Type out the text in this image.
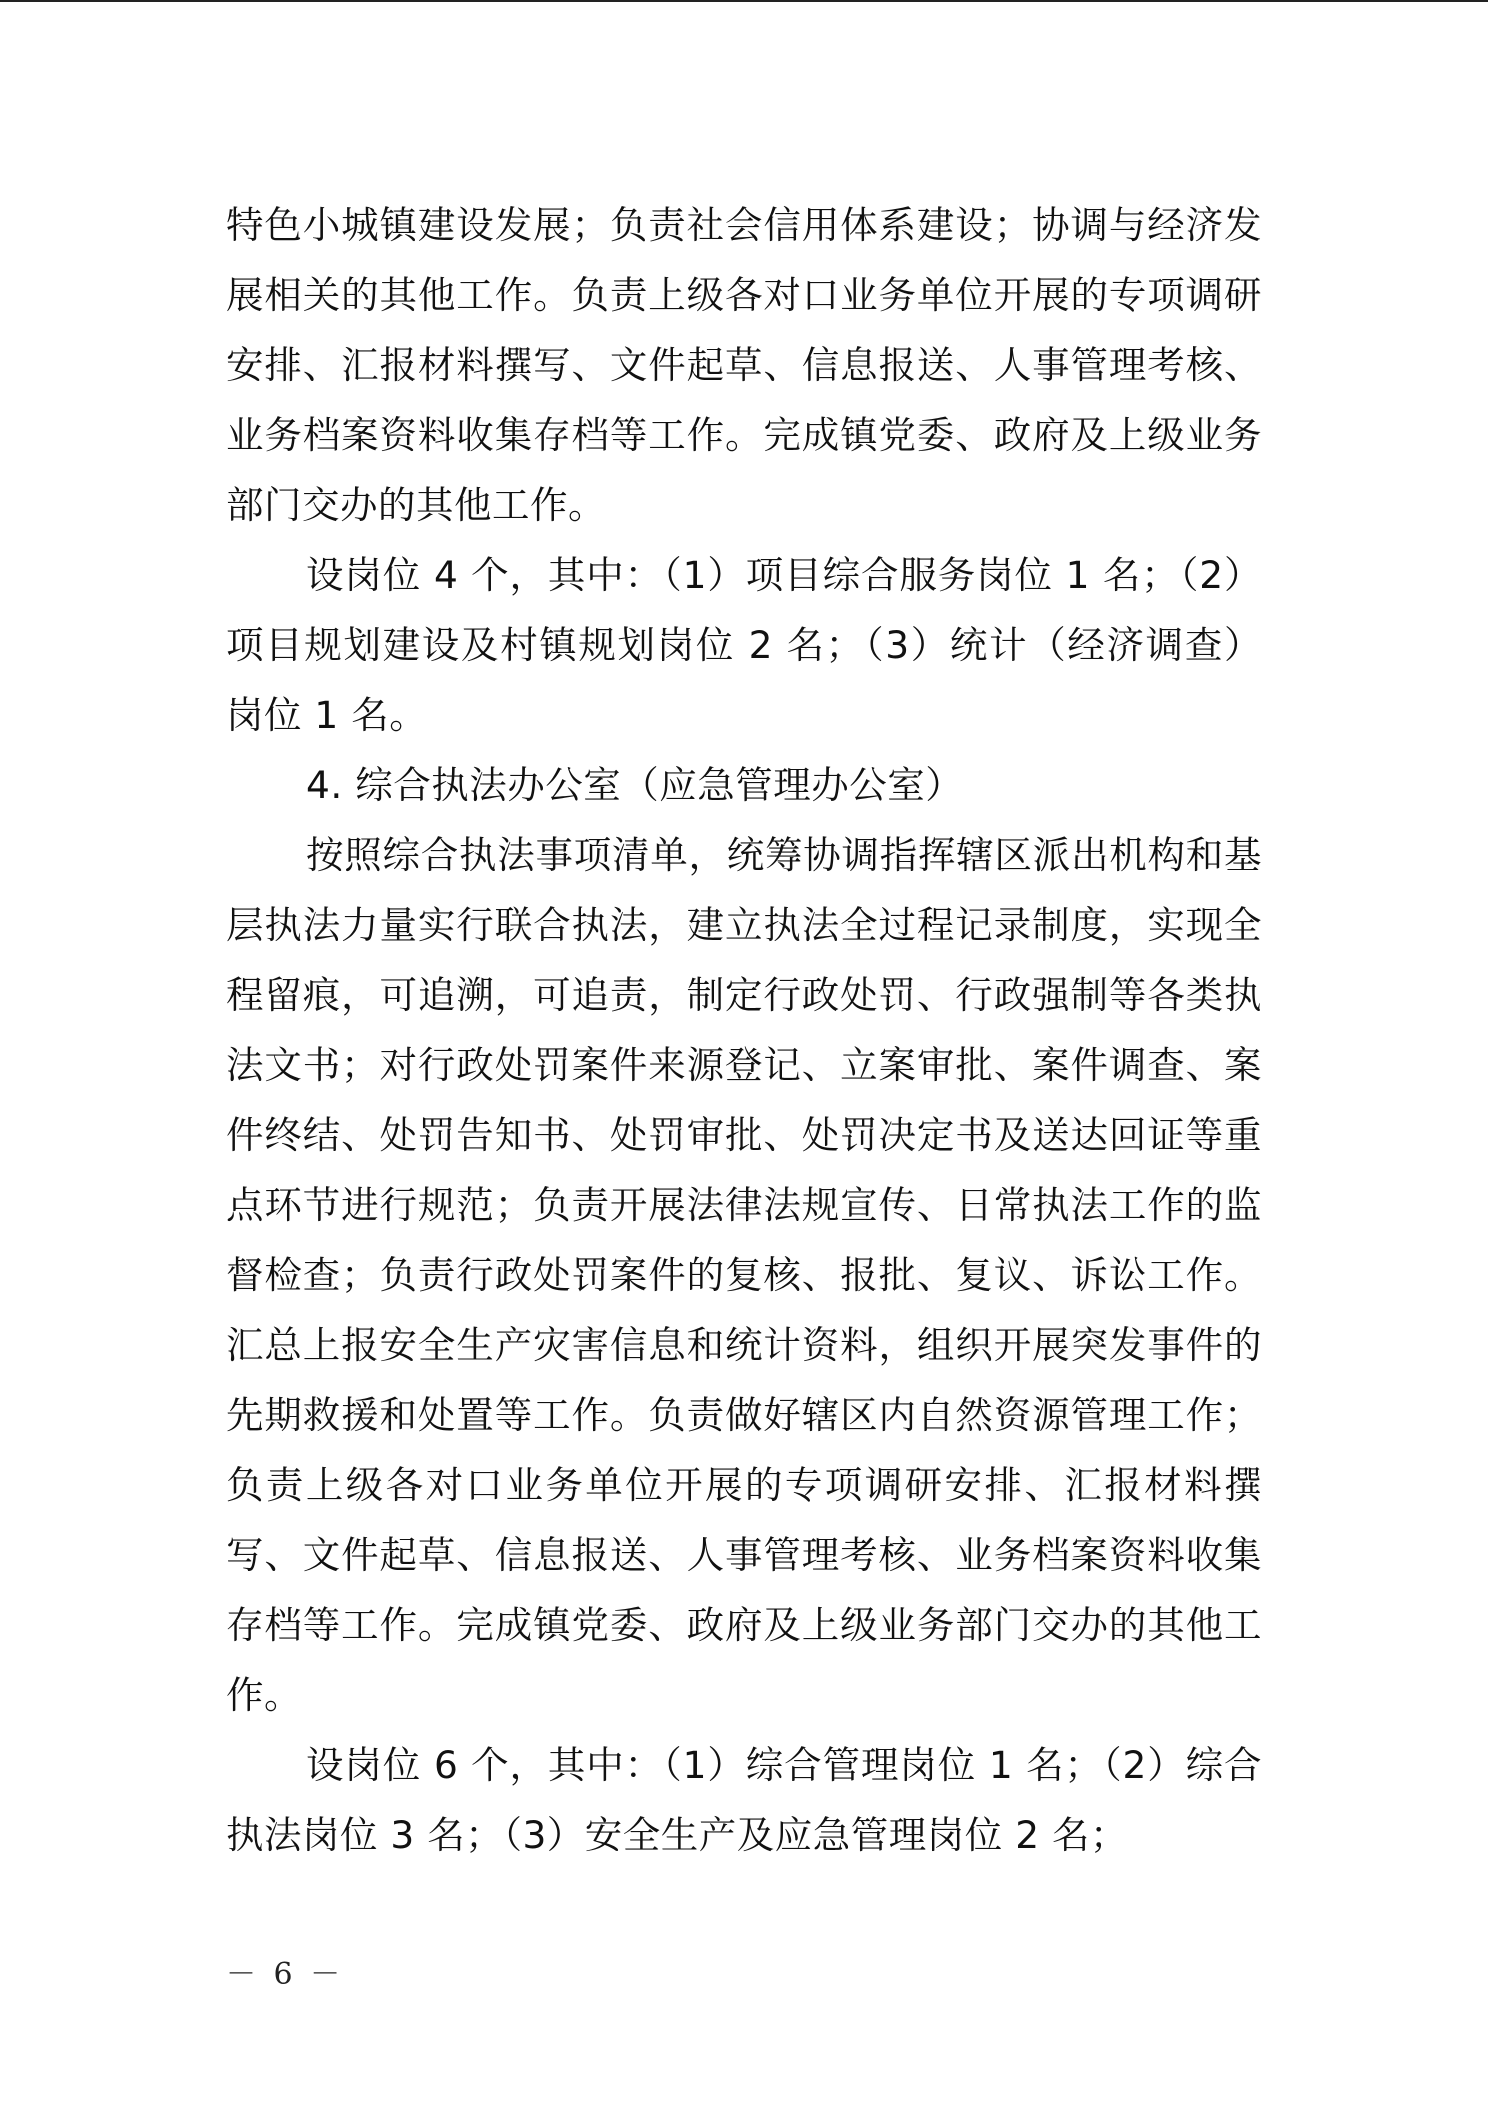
特色小城镇建设发展；负责社会信用体系建设；协调与经济发展相关的其他工作。负责上级各对口业务单位开展的专项调研安排、汇报材料撰写、文件起草、信息报送、人事管理考核、业务档案资料收集存档等工作。完成镇党委、政府及上级业务部门交办的其他工作。

设岗位 4 个，其中：（1）项目综合服务岗位 1 名；（2）项目规划建设及村镇规划岗位 2 名；（3）统计（经济调查）岗位 1 名。

4. 综合执法办公室（应急管理办公室）

按照综合执法事项清单，统筹协调指挥辖区派出机构和基层执法力量实行联合执法，建立执法全过程记录制度，实现全程留痕，可追溯，可追责，制定行政处罚、行政强制等各类执法文书；对行政处罚案件来源登记、立案审批、案件调查、案件终结、处罚告知书、处罚审批、处罚决定书及送达回证等重点环节进行规范；负责开展法律法规宣传、日常执法工作的监督检查；负责行政处罚案件的复核、报批、复议、诉讼工作。汇总上报安全生产灾害信息和统计资料，组织开展突发事件的先期救援和处置等工作。负责做好辖区内自然资源管理工作；负责上级各对口业务单位开展的专项调研安排、汇报材料撰写、文件起草、信息报送、人事管理考核、业务档案资料收集存档等工作。完成镇党委、政府及上级业务部门交办的其他工作。

设岗位 6 个，其中：（1）综合管理岗位 1 名；（2）综合执法岗位 3 名；（3）安全生产及应急管理岗位 2 名；

－ 6 －
